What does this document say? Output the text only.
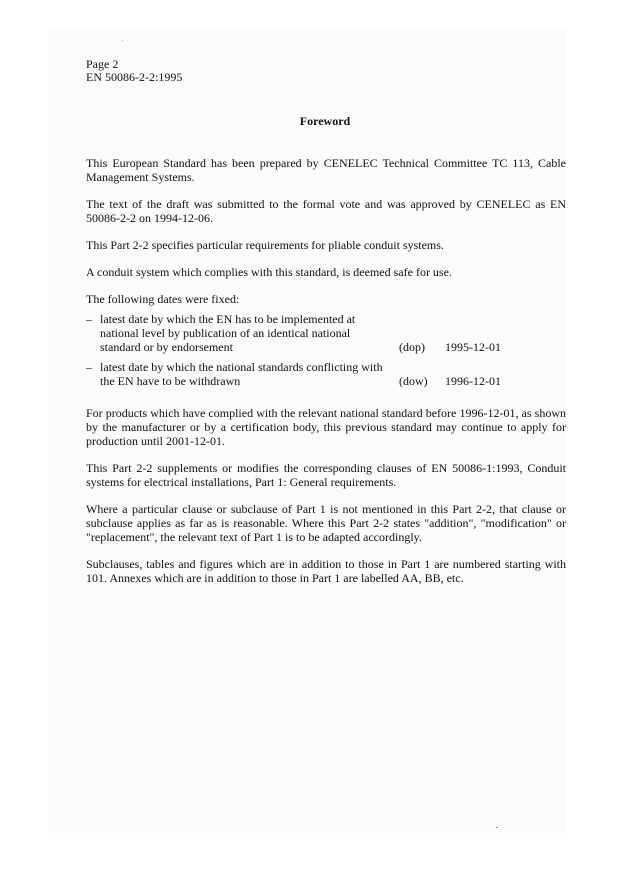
Page 2
EN 50086-2-2:1995
Foreword

This European Standard has been prepared by CENELEC Technical Committee TC 113, Cable Management Systems.

The text of the draft was submitted to the formal vote and was approved by CENELEC as EN 50086-2-2 on 1994-12-06.

This Part 2-2 specifies particular requirements for pliable conduit systems.

A conduit system which complies with this standard, is deemed safe for use.

The following dates were fixed:

– latest date by which the EN has to be implemented at national level by publication of an identical national standard or by endorsement	(dop) 1995-12-01
– latest date by which the national standards conflicting with the EN have to be withdrawn	(dow) 1996-12-01

For products which have complied with the relevant national standard before 1996-12-01, as shown by the manufacturer or by a certification body, this previous standard may continue to apply for production until 2001-12-01.

This Part 2-2 supplements or modifies the corresponding clauses of EN 50086-1:1993, Conduit systems for electrical installations, Part 1: General requirements.

Where a particular clause or subclause of Part 1 is not mentioned in this Part 2-2, that clause or subclause applies as far as is reasonable. Where this Part 2-2 states "addition", "modification" or "replacement", the relevant text of Part 1 is to be adapted accordingly.

Subclauses, tables and figures which are in addition to those in Part 1 are numbered starting with 101. Annexes which are in addition to those in Part 1 are labelled AA, BB, etc.
